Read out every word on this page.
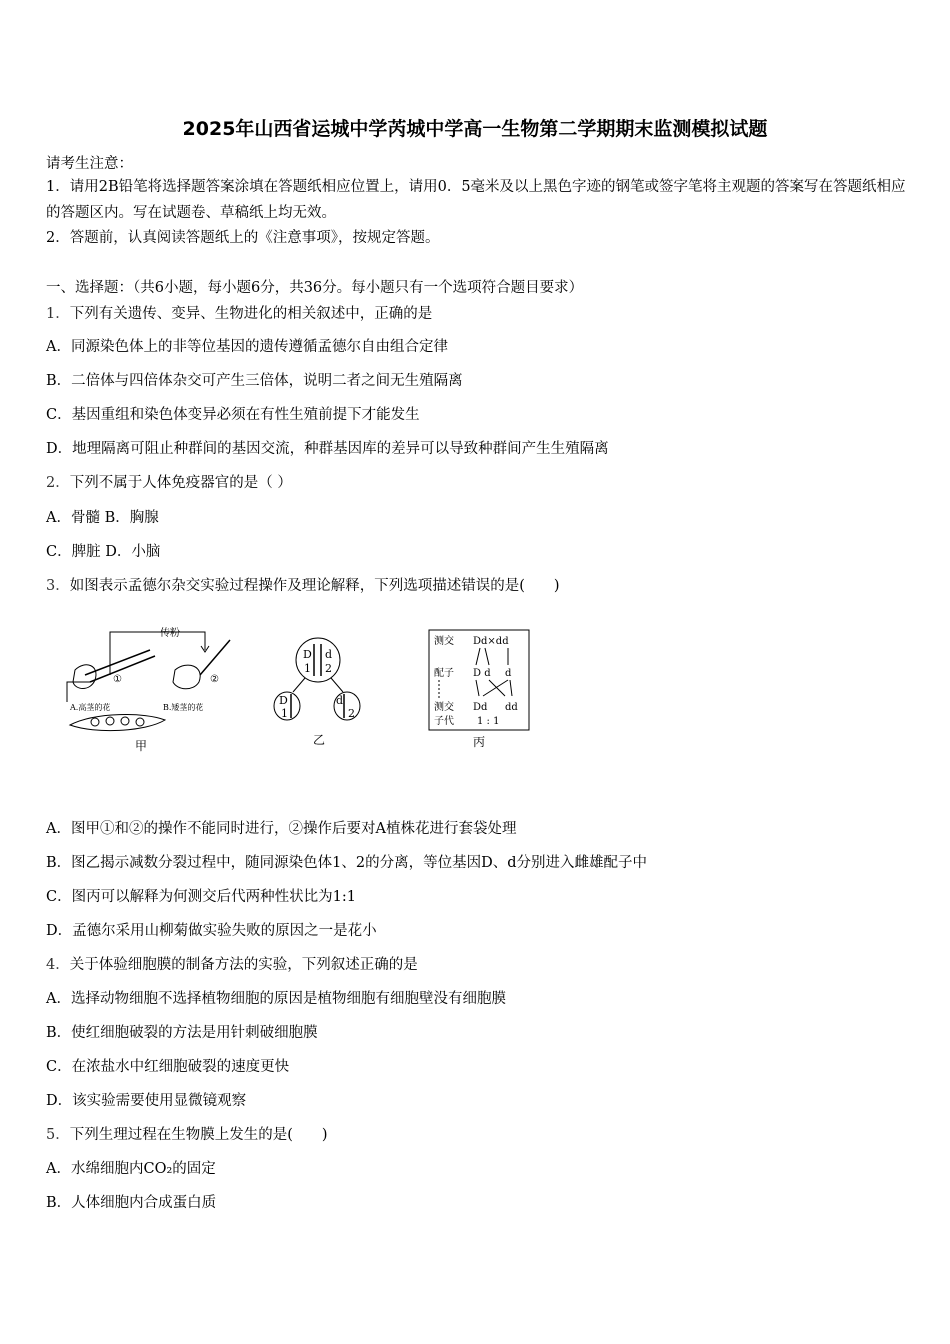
2025年山西省运城中学芮城中学高一生物第二学期期末监测模拟试题
请考生注意：
1．请用2B铅笔将选择题答案涂填在答题纸相应位置上，请用0．5毫米及以上黑色字迹的钢笔或签字笔将主观题的答案写在答题纸相应的答题区内。写在试题卷、草稿纸上均无效。
2．答题前，认真阅读答题纸上的《注意事项》，按规定答题。
一、选择题：（共6小题，每小题6分，共36分。每小题只有一个选项符合题目要求）
1．下列有关遗传、变异、生物进化的相关叙述中，正确的是
A．同源染色体上的非等位基因的遗传遵循孟德尔自由组合定律
B．二倍体与四倍体杂交可产生三倍体，说明二者之间无生殖隔离
C．基因重组和染色体变异必须在有性生殖前提下才能发生
D．地理隔离可阻止种群间的基因交流，种群基因库的差异可以导致种群间产生生殖隔离
2．下列不属于人体免疫器官的是（ ）
A．骨髓 B．胸腺
C．脾脏 D．小脑
3．如图表示孟德尔杂交实验过程操作及理论解释，下列选项描述错误的是(　　)
传粉
①	②
A.高茎的花	B.矮茎的花
甲
D
1
d
2
D
1
d
2
乙
测交 Dd×dd
配子 D d d
测交 Dd dd
子代 1 : 1
丙
A．图甲①和②的操作不能同时进行，②操作后要对A植株花进行套袋处理
B．图乙揭示减数分裂过程中，随同源染色体1、2的分离，等位基因D、d分别进入雌雄配子中
C．图丙可以解释为何测交后代两种性状比为1:1
D．孟德尔采用山柳菊做实验失败的原因之一是花小
4．关于体验细胞膜的制备方法的实验，下列叙述正确的是
A．选择动物细胞不选择植物细胞的原因是植物细胞有细胞壁没有细胞膜
B．使红细胞破裂的方法是用针刺破细胞膜
C．在浓盐水中红细胞破裂的速度更快
D．该实验需要使用显微镜观察
5．下列生理过程在生物膜上发生的是(　　)
A．水绵细胞内CO₂的固定
B．人体细胞内合成蛋白质
